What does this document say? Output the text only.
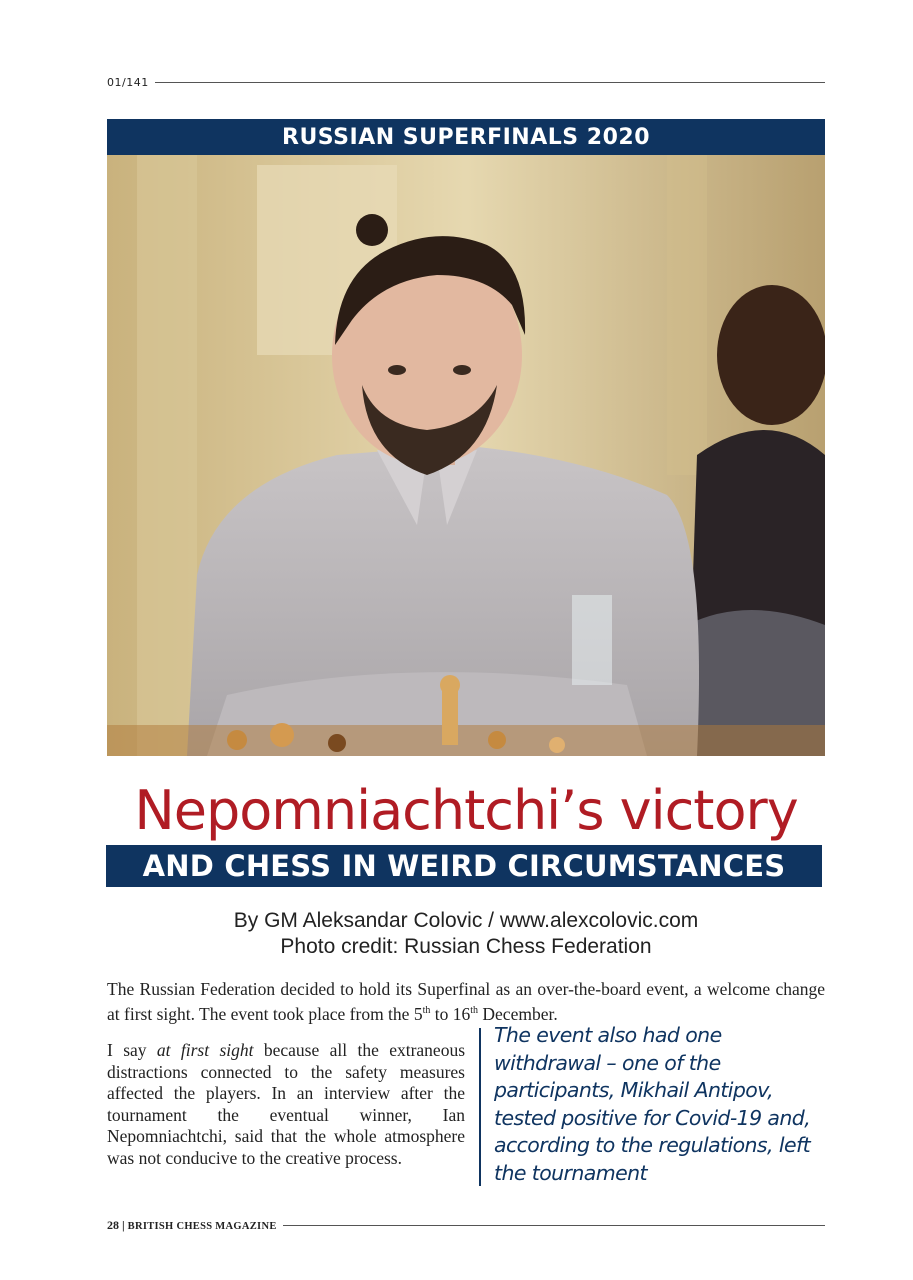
01/141
RUSSIAN SUPERFINALS 2020
Nepomniachtchi’s victory
AND CHESS IN WEIRD CIRCUMSTANCES
By GM Aleksandar Colovic / www.alexcolovic.com
Photo credit: Russian Chess Federation

The Russian Federation decided to hold its Superfinal as an over-the-board event, a welcome change at first sight. The event took place from the 5th to 16th December.

I say at first sight because all the extraneous distractions connected to the safety measures affected the players. In an interview after the tournament the eventual winner, Ian Nepomniachtchi, said that the whole atmosphere was not conducive to the creative process.

The event also had one withdrawal – one of the participants, Mikhail Antipov, tested positive for Covid-19 and, according to the regulations, left the tournament
28 | BRITISH CHESS MAGAZINE
